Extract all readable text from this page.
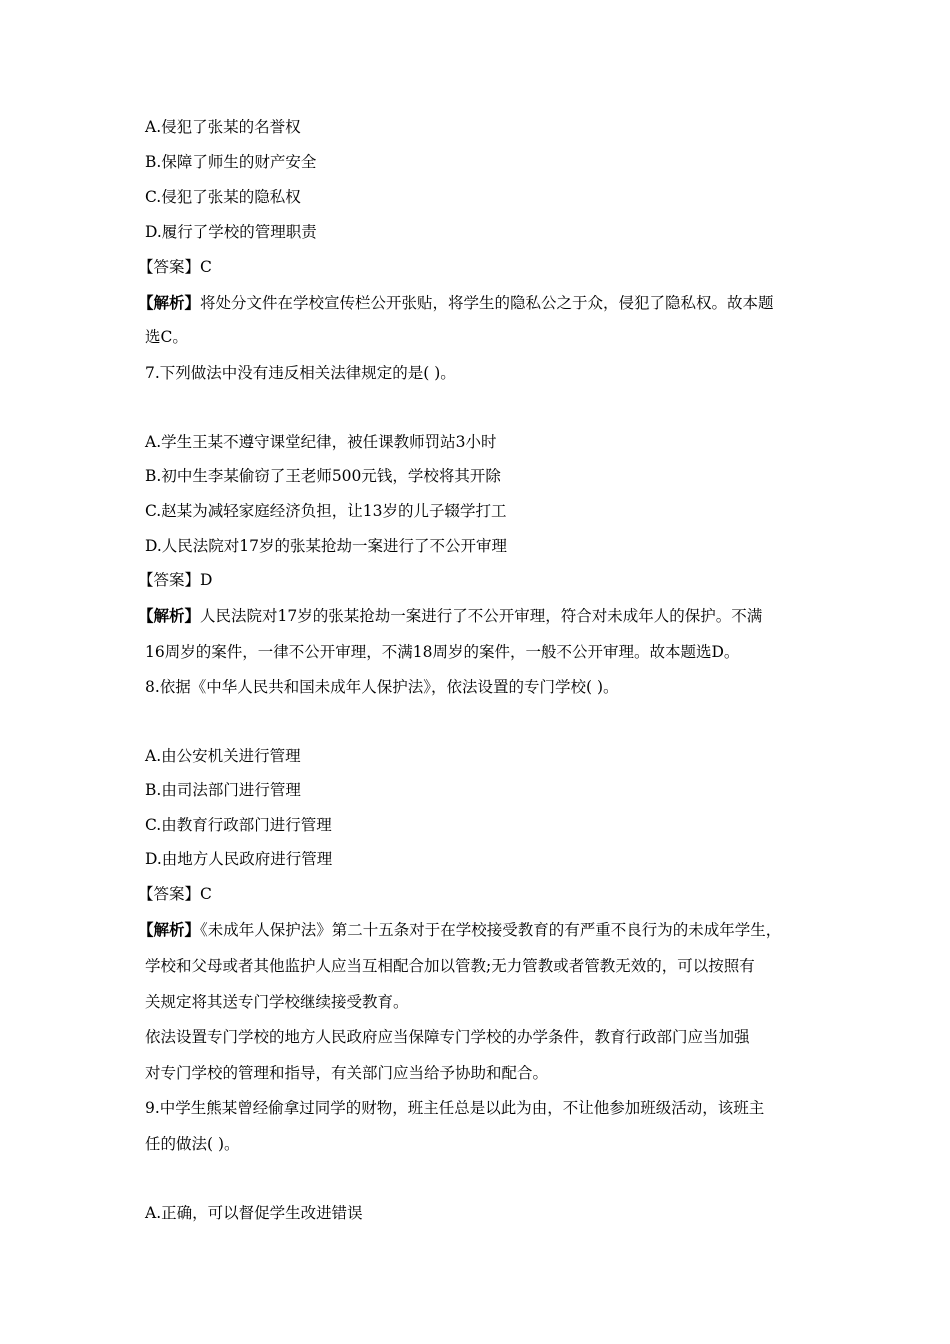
A.侵犯了张某的名誉权
B.保障了师生的财产安全
C.侵犯了张某的隐私权
D.履行了学校的管理职责
【答案】C
【解析】将处分文件在学校宣传栏公开张贴，将学生的隐私公之于众，侵犯了隐私权。故本题
选C。
7.下列做法中没有违反相关法律规定的是( )。
A.学生王某不遵守课堂纪律，被任课教师罚站3小时
B.初中生李某偷窃了王老师500元钱，学校将其开除
C.赵某为减轻家庭经济负担，让13岁的儿子辍学打工
D.人民法院对17岁的张某抢劫一案进行了不公开审理
【答案】D
【解析】人民法院对17岁的张某抢劫一案进行了不公开审理，符合对未成年人的保护。不满
16周岁的案件，一律不公开审理，不满18周岁的案件，一般不公开审理。故本题选D。
8.依据《中华人民共和国未成年人保护法》，依法设置的专门学校( )。
A.由公安机关进行管理
B.由司法部门进行管理
C.由教育行政部门进行管理
D.由地方人民政府进行管理
【答案】C
【解析】《未成年人保护法》第二十五条对于在学校接受教育的有严重不良行为的未成年学生，
学校和父母或者其他监护人应当互相配合加以管教;无力管教或者管教无效的，可以按照有
关规定将其送专门学校继续接受教育。
依法设置专门学校的地方人民政府应当保障专门学校的办学条件，教育行政部门应当加强
对专门学校的管理和指导，有关部门应当给予协助和配合。
9.中学生熊某曾经偷拿过同学的财物，班主任总是以此为由，不让他参加班级活动，该班主
任的做法( )。
A.正确，可以督促学生改进错误
